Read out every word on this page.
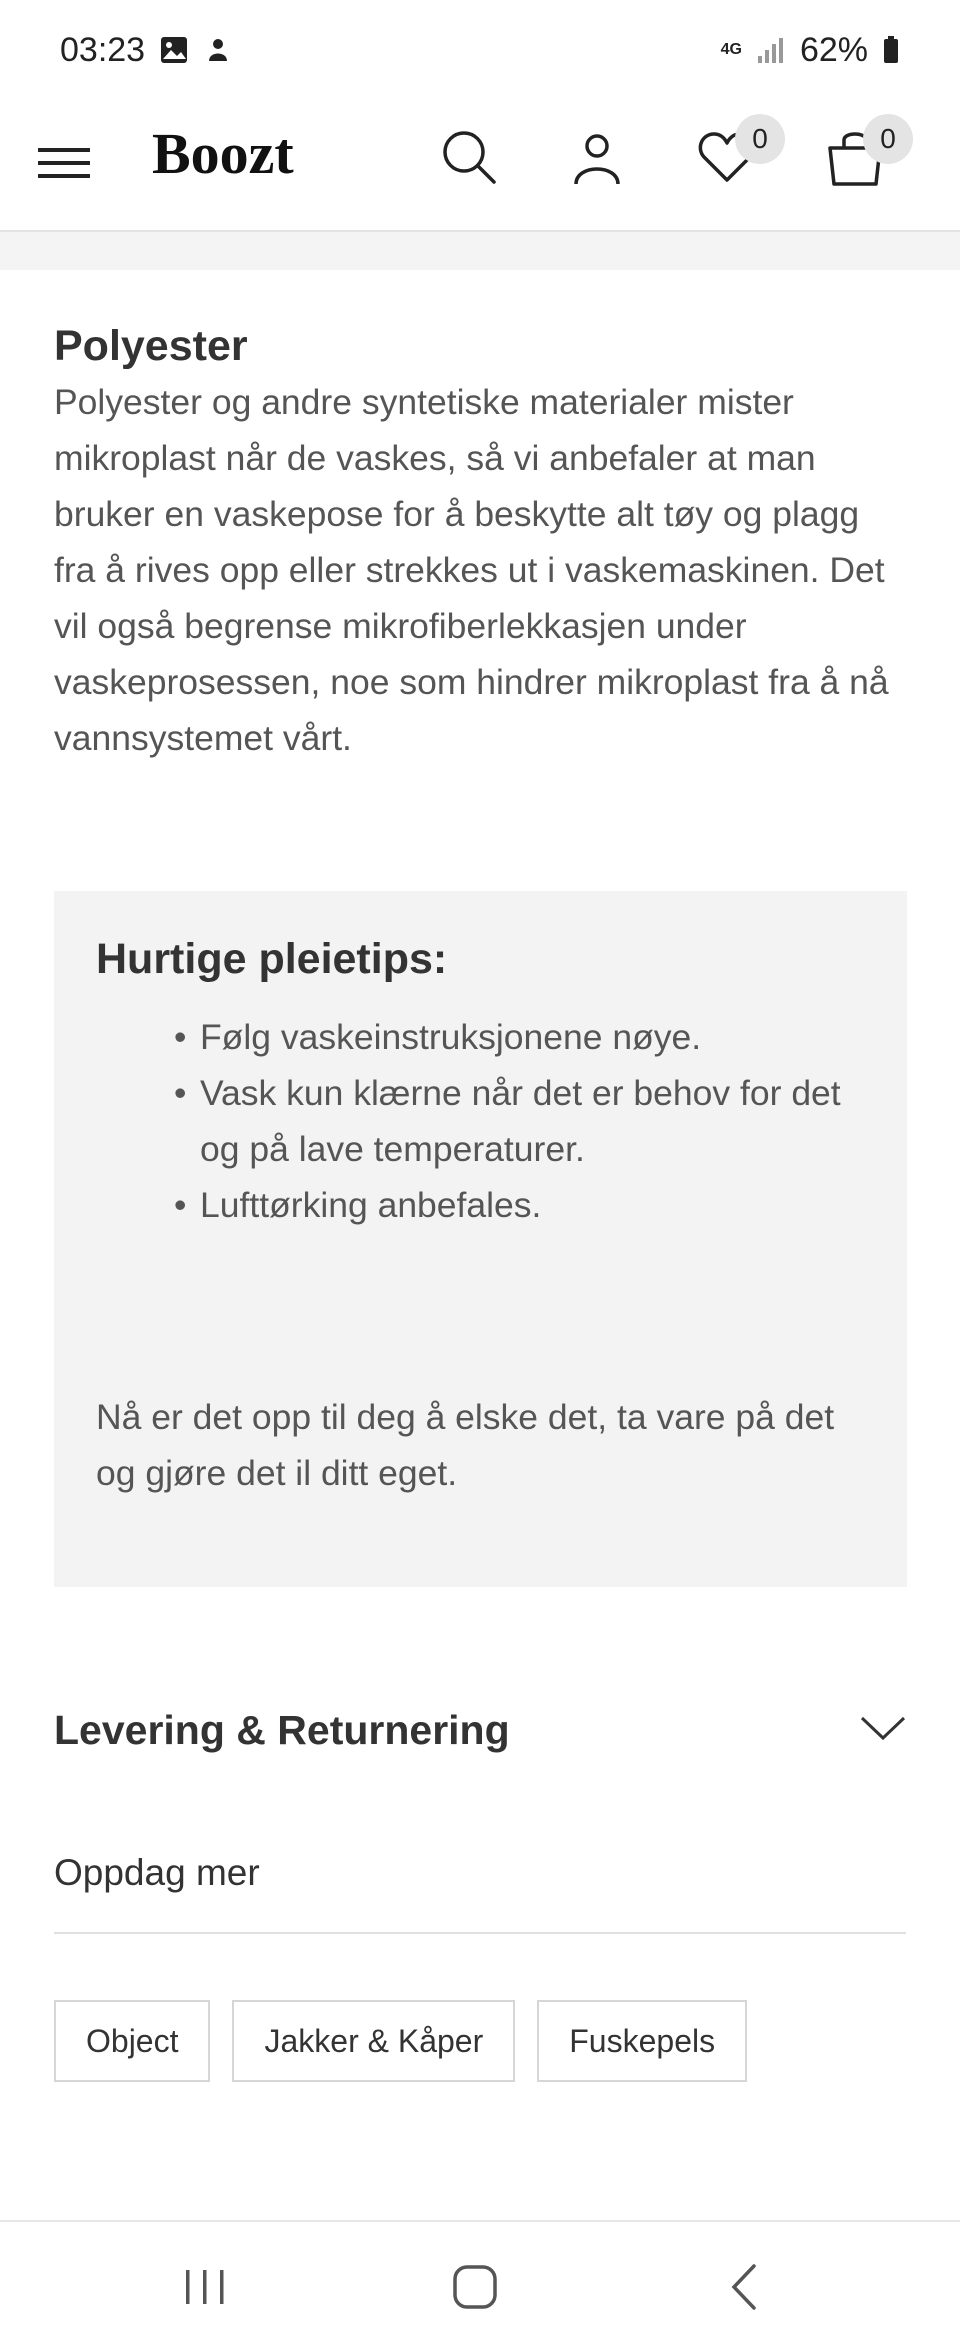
03:23	4G 62%
Boozt	0	0
Polyester

Polyester og andre syntetiske materialer mister mikroplast når de vaskes, så vi anbefaler at man bruker en vaskepose for å beskytte alt tøy og plagg fra å rives opp eller strekkes ut i vaskemaskinen. Det vil også begrense mikrofiberlekkasjen under vaskeprosessen, noe som hindrer mikroplast fra å nå vannsystemet vårt.

Hurtige pleietips:
• Følg vaskeinstruksjonene nøye.
• Vask kun klærne når det er behov for det og på lave temperaturer.
• Lufttørking anbefales.

Nå er det opp til deg å elske det, ta vare på det og gjøre det il ditt eget.

Levering & Returnering
Oppdag mer
Object	Jakker & Kåper	Fuskepels
